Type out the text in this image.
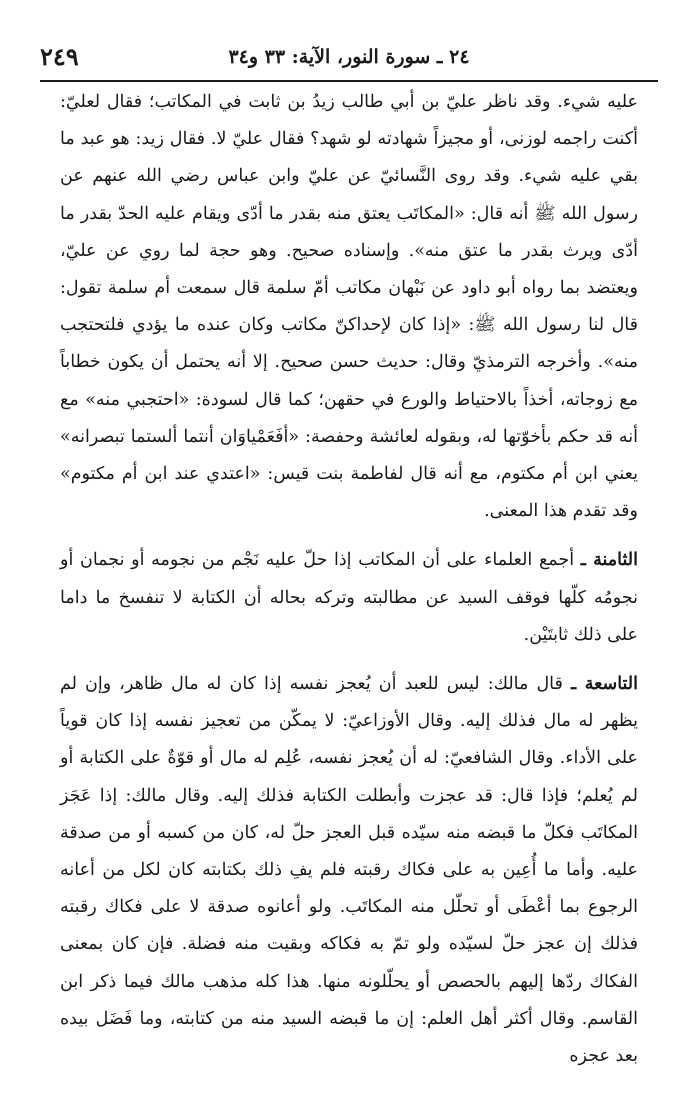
٢٤ ـ سورة النور، الآية: ٣٣ و٣٤
٢٤٩

عليه شيء. وقد ناظر عليّ بن أبي طالب زيدُ بن ثابت في المكاتب؛ فقال لعليّ: أكنت راجمه لوزنى، أو مجيزاً شهادته لو شهد؟ فقال عليّ لا. فقال زيد: هو عبد ما بقي عليه شيء. وقد روى النَّسائيّ عن عليّ وابن عباس رضي الله عنهم عن رسول الله ﷺ أنه قال: «المكاتَب يعتق منه بقدر ما أدّى ويقام عليه الحدّ بقدر ما أدّى ويرث بقدر ما عتق منه». وإسناده صحيح. وهو حجة لما روي عن عليّ، ويعتضد بما رواه أبو داود عن نَبْهان مكاتب أمّ سلمة قال سمعت أم سلمة تقول: قال لنا رسول الله ﷺ: «إذا كان لإحداكنّ مكاتب وكان عنده ما يؤدي فلتحتجب منه». وأخرجه الترمذيّ وقال: حديث حسن صحيح. إلا أنه يحتمل أن يكون خطاباً مع زوجاته، أخذاً بالاحتياط والورع في حقهن؛ كما قال لسودة: «احتجبي منه» مع أنه قد حكم بأخوّتها له، وبقوله لعائشة وحفصة: «أفَعَمْياوَان أنتما ألستما تبصرانه» يعني ابن أم مكتوم، مع أنه قال لفاطمة بنت قيس: «اعتدي عند ابن أم مكتوم» وقد تقدم هذا المعنى.

الثامنة ـ أجمع العلماء على أن المكاتب إذا حلّ عليه نَجْم من نجومه أو نجمان أو نجومُه كلّها فوقف السيد عن مطالبته وتركه بحاله أن الكتابة لا تنفسخ ما داما على ذلك ثابتَيْن.

التاسعة ـ قال مالك: ليس للعبد أن يُعجز نفسه إذا كان له مال ظاهر، وإن لم يظهر له مال فذلك إليه. وقال الأوزاعيّ: لا يمكّن من تعجيز نفسه إذا كان قوياً على الأداء. وقال الشافعيّ: له أن يُعجز نفسه، عُلِم له مال أو قوّةٌ على الكتابة أو لم يُعلم؛ فإذا قال: قد عجزت وأبطلت الكتابة فذلك إليه. وقال مالك: إذا عَجَز المكاتَب فكلّ ما قبضه منه سيّده قبل العجز حلّ له، كان من كسبه أو من صدقة عليه. وأما ما أُعِين به على فكاك رقبته فلم يفِ ذلك بكتابته كان لكل من أعانه الرجوع بما أعْطَى أو تحلّل منه المكاتَب. ولو أعانوه صدقة لا على فكاك رقبته فذلك إن عجز حلّ لسيّده ولو تمّ به فكاكه وبقيت منه فضلة. فإن كان بمعنى الفكاك ردّها إليهم بالحصص أو يحلّلونه منها. هذا كله مذهب مالك فيما ذكر ابن القاسم. وقال أكثر أهل العلم: إن ما قبضه السيد منه من كتابته، وما فَضَل بيده بعد عجزه
